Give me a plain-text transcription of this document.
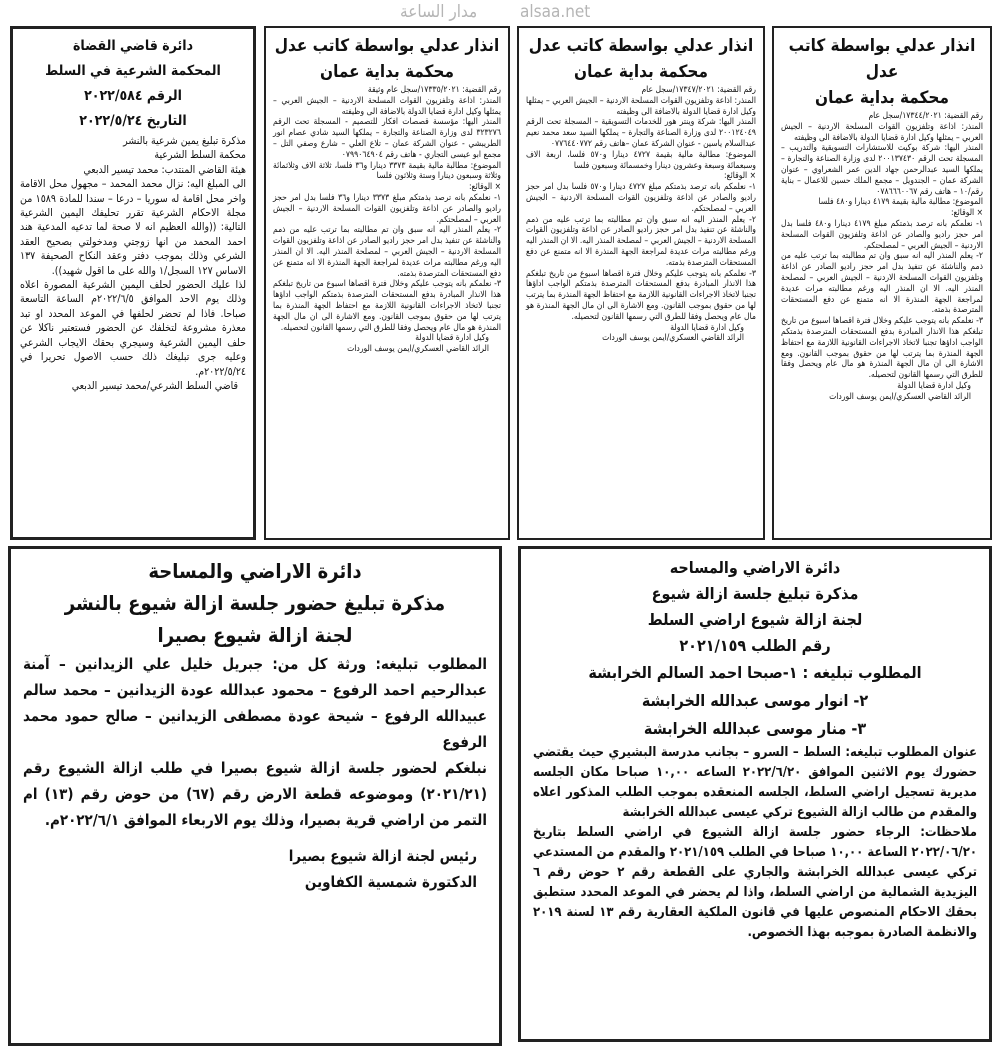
مدار الساعة	alsaa.net

انذار عدلي بواسطة كاتب عدل

محكمة بداية عمان

رقم القضية: ١٧٣٤٤/٢٠٢١/سجل عام

المنذر: اذاعة وتلفزيون القوات المسلحة الاردنية – الجيش العربي – يمثلها وكيل ادارة قضايا الدولة بالاضافة الى وظيفته

المنذر اليها: شركة بوكيت للاستشارات التسويقية والتدريب – المسجلة تحت الرقم ٢٠٠١٣٧٤٣٠ لدى وزارة الصناعة والتجارة – يملكها السيد عبدالرحمن جهاد الدين عمر الشعراوي – عنوان الشركة عمان – الجندويل – مجمع الملك حسين للاعمال – بناية رقم/١٠ – هاتف رقم ٠٧٨٦٦٦٠٠٦٧

الموضوع: مطالبة مالية بقيمة ٤١٧٩ دينارا و٤٨٠ فلسا

× الوقائع:

١- نعلمكم بانه ترصد بذمتكم مبلغ ٤١٧٩ دينارا و٤٨٠ فلسا بدل امر حجز راديو والصادر عن اذاعة وتلفزيون القوات المسلحة الاردنية – الجيش العربي – لمصلحتكم.

٢- يعلم المنذر اليه انه سبق وان تم مطالبته بما ترتب عليه من ذمم والناشئة عن تنفيذ بدل امر حجز راديو الصادر عن اذاعة وتلفزيون القوات المسلحة الاردنية – الجيش العربي – لمصلحة المنذر اليه. الا ان المنذر اليه ورغم مطالبته مرات عديدة لمراجعة الجهة المنذرة الا انه متمنع عن دفع المستحقات المترصدة بذمته.

٣- نعلمكم بانه يتوجب عليكم وخلال فترة اقصاها اسبوع من تاريخ تبلغكم هذا الانذار المبادرة بدفع المستحقات المترصدة بذمتكم الواجب اداؤها تجنبا لاتخاذ الاجراءات القانونية اللازمة مع احتفاظ الجهة المنذرة بما يترتب لها من حقوق بموجب القانون. ومع الاشارة الى ان مال الجهة المنذرة هو مال عام ويحصل وفقا للطرق التي رسمها القانون لتحصيله.

وكيل ادارة قضايا الدولة

الرائد القاضي العسكري/ايمن يوسف الوردات

انذار عدلي بواسطة كاتب عدل

محكمة بداية عمان

رقم القضية: ١٧٣٤٧/٢٠٢١/سجل عام

المنذر: اذاعة وتلفزيون القوات المسلحة الاردنية – الجيش العربي – يمثلها وكيل ادارة قضايا الدولة بالاضافة الى وظيفته

المنذر اليها: شركة وينتر هور للخدمات التسويقية – المسجلة تحت الرقم ٢٠٠١٢٤٠٤٩ لدى وزارة الصناعة والتجارة – يملكها السيد سعد محمد نعيم عبدالسلام ياسين - عنوان الشركة عمان –هاتف رقم ٠٧٧٦٤٤٠٧٧٢

الموضوع: مطالبة مالية بقيمة ٤٧٢٧ دينارا و٥٧٠ فلسا، اربعة الاف وسبعمائة وسبعة وعشرون دينارا وخمسمائة وسبعون فلسا

× الوقائع:

١- نعلمكم بانه ترصد بذمتكم مبلغ ٤٧٢٧ دينارا و٥٧٠ فلسا بدل امر حجز راديو والصادر عن اذاعة وتلفزيون القوات المسلحة الاردنية – الجيش العربي – لمصلحتكم.

٢- يعلم المنذر اليه انه سبق وان تم مطالبته بما ترتب عليه من ذمم والناشئة عن تنفيذ بدل امر حجز راديو الصادر عن اذاعة وتلفزيون القوات المسلحة الاردنية – الجيش العربي – لمصلحة المنذر اليه. الا ان المنذر اليه ورغم مطالبته مرات عديدة لمراجعة الجهة المنذرة الا انه متمنع عن دفع المستحقات المترصدة بذمته.

٣- نعلمكم بانه يتوجب عليكم وخلال فترة اقصاها اسبوع من تاريخ تبلغكم هذا الانذار المبادرة بدفع المستحقات المترصدة بذمتكم الواجب اداؤها تجنبا لاتخاذ الاجراءات القانونية اللازمة مع احتفاظ الجهة المنذرة بما يترتب لها من حقوق بموجب القانون. ومع الاشارة الى ان مال الجهة المنذرة هو مال عام ويحصل وفقا للطرق التي رسمها القانون لتحصيله.

وكيل ادارة قضايا الدولة

الرائد القاضي العسكري/ايمن يوسف الوردات

انذار عدلي بواسطة كاتب عدل

محكمة بداية عمان

رقم القضية: ١٧٣٣٥/٢٠٢١/سجل عام وثيقة

المنذر: اذاعة وتلفزيون القوات المسلحة الاردنية – الجيش العربي – يمثلها وكيل ادارة قضايا الدولة بالاضافة الى وظيفته

المنذر اليها: مؤسسة قصصات افكار للتصميم - المسجلة تحت الرقم ٣٢٣٢٧٦ لدى وزارة الصناعة والتجارة – يملكها السيد شادي عصام انور الطريبشي - عنوان الشركة عمان – تلاع العلي – شارع وصفي التل – مجمع ابو عيسى التجاري - هاتف رقم ٠٧٩٩٠٦٤٩٠٤

الموضوع: مطالبة مالية بقيمة ٣٣٧٣ دينارا و٣٦ فلسا، ثلاثة الاف وثلاثمائة وثلاثة وسبعون دينارا وستة وثلاثون فلسا

× الوقائع:

١- نعلمكم بانه ترصد بذمتكم مبلغ ٣٣٧٣ دينارا و٣٦ فلسا بدل امر حجز راديو والصادر عن اذاعة وتلفزيون القوات المسلحة الاردنية – الجيش العربي – لمصلحتكم.

٢- يعلم المنذر اليه انه سبق وان تم مطالبته بما ترتب عليه من ذمم والناشئة عن تنفيذ بدل امر حجز راديو الصادر عن اذاعة وتلفزيون القوات المسلحة الاردنية – الجيش العربي – لمصلحة المنذر اليه. الا ان المنذر اليه ورغم مطالبته مرات عديدة لمراجعة الجهة المنذرة الا انه متمنع عن دفع المستحقات المترصدة بذمته.

٣- نعلمكم بانه يتوجب عليكم وخلال فترة اقصاها اسبوع من تاريخ تبلغكم هذا الانذار المبادرة بدفع المستحقات المترصدة بذمتكم الواجب اداؤها تجنبا لاتخاذ الاجراءات القانونية اللازمة مع احتفاظ الجهة المنذرة بما يترتب لها من حقوق بموجب القانون. ومع الاشارة الى ان مال الجهة المنذرة هو مال عام ويحصل وفقا للطرق التي رسمها القانون لتحصيله.

وكيل ادارة قضايا الدولة

الرائد القاضي العسكري/ايمن يوسف الوردات

دائرة قاضي القضاة

المحكمة الشرعية في السلط

الرقم ٢٠٢٢/٥٨٤

التاريخ ٢٠٢٢/٥/٢٤

مذكرة تبليغ يمين شرعية بالنشر

محكمة السلط الشرعية

هيئة القاضي المنتدب: محمد تيسير الدبعي

الى المبلغ اليه: نزال محمد المحمد – مجهول محل الاقامة واخر محل اقامة له سوريا – درعا – سندا للمادة ١٥٨٩ من مجلة الاحكام الشرعية تقرر تحليفك اليمين الشرعية التالية: ((والله العظيم انه لا صحة لما تدعيه المدعية هند احمد المحمد من انها زوجتي ومدخولتي بصحيح العقد الشرعي وذلك بموجب دفتر وعقد النكاح الصحيفة ١٣٧ الاساس ١٢٧ السجل/١ والله على ما اقول شهيد)).

لذا عليك الحضور لحلف اليمين الشرعية المصورة اعلاه وذلك يوم الاحد الموافق ٢٠٢٢/٦/٥م الساعة التاسعة صباحا. فاذا لم تحضر لحلفها في الموعد المحدد او تبد معذرة مشروعة لتخلفك عن الحضور فستعتبر ناكلا عن حلف اليمين الشرعية وسيجري بحقك الايجاب الشرعي وعليه جرى تبليغك ذلك حسب الاصول تحريرا في ٢٠٢٢/٥/٢٤م.

قاضي السلط الشرعي/محمد تيسير الدبعي

دائرة الاراضي والمساحه

مذكرة تبليغ جلسة ازالة شيوع

لجنة ازالة شيوع اراضي السلط

رقم الطلب ٢٠٢١/١٥٩

المطلوب تبليغه : ١-صبحا احمد السالم الخرابشة

٢- انوار موسى عبدالله الخرابشة

٣- منار موسى عبدالله الخرابشة

عنوان المطلوب تبليغه: السلط – السرو – بجانب مدرسة البشيري حيث يقتضي حضورك يوم الاثنين الموافق ٢٠٢٢/٦/٢٠ الساعه ١٠,٠٠ صباحا مكان الجلسه مديرية تسجيل اراضي السلط، الجلسه المنعقده بموجب الطلب المذكور اعلاه والمقدم من طالب ازالة الشيوع تركي عيسى عبدالله الخرابشة

ملاحظات: الرجاء حضور جلسة ازالة الشيوع في اراضي السلط بتاريخ ٢٠٢٢/٠٦/٢٠ الساعة ١٠,٠٠ صباحا في الطلب ٢٠٢١/١٥٩ والمقدم من المستدعي تركي عيسى عبدالله الخرابشة والجاري على القطعة رقم ٢ حوض رقم ٦ اليزيدية الشمالية من اراضي السلط، واذا لم يحضر في الموعد المحدد ستطبق بحقك الاحكام المنصوص عليها في قانون الملكية العقارية رقم ١٣ لسنة ٢٠١٩ والانظمة الصادرة بموجبه بهذا الخصوص.

دائرة الاراضي والمساحة

مذكرة تبليغ حضور جلسة ازالة شيوع بالنشر

لجنة ازالة شيوع بصيرا

المطلوب تبليغه: ورثة كل من: جبريل خليل علي الزيدانين – آمنة عبدالرحيم احمد الرفوع – محمود عبدالله عودة الزيدانين – محمد سالم عبيدالله الرفوع – شيحة عودة مصطفى الزيدانين – صالح حمود محمد الرفوع

نبلغكم لحضور جلسة ازالة شيوع بصيرا في طلب ازالة الشيوع رقم (٢٠٢١/٢١) وموضوعه قطعة الارض رقم (٦٧) من حوض رقم (١٣) ام التمر من اراضي قرية بصيرا، وذلك يوم الاربعاء الموافق ٢٠٢٢/٦/١م.

رئيس لجنة ازالة شيوع بصيرا

الدكتورة شمسية الكفاوين
